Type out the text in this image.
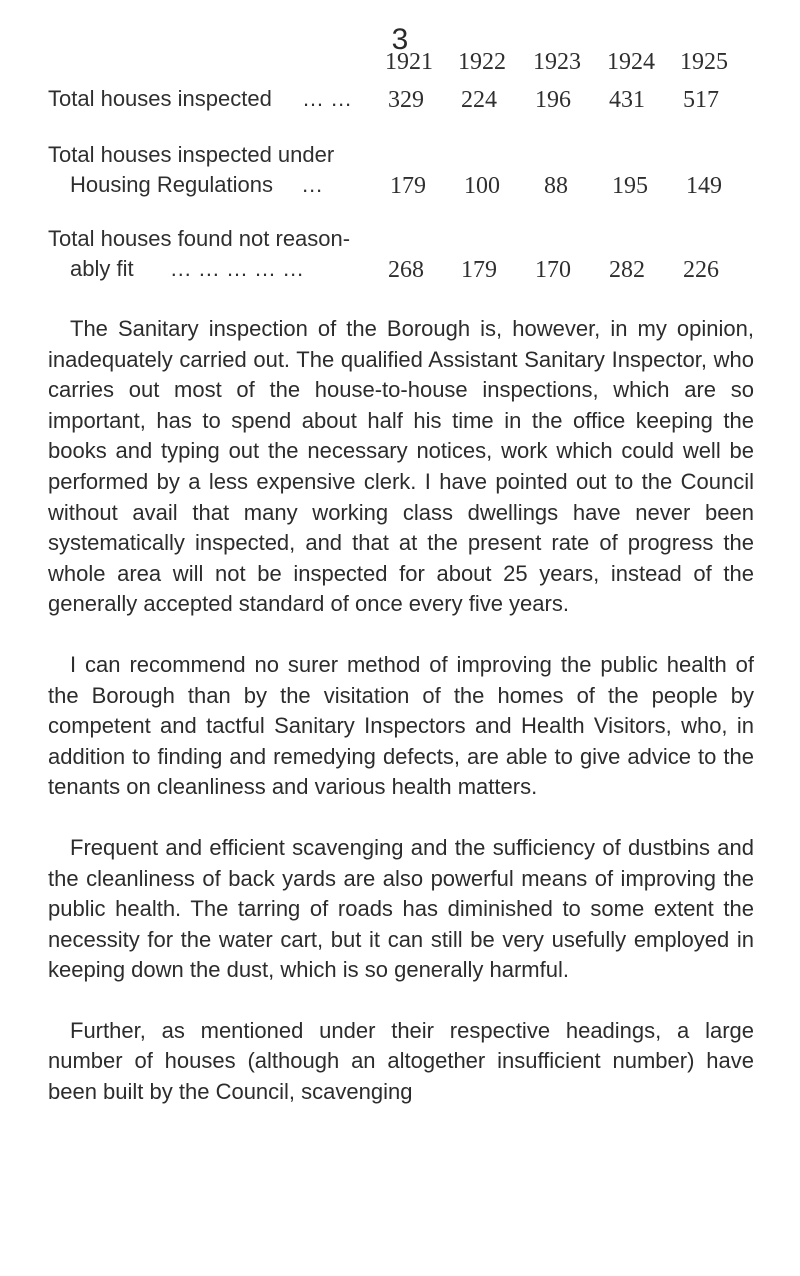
3
1921 1922 1923 1924 1925
Total houses inspected … … 329 224 196 431 517
Total houses inspected under
Housing Regulations …	179 100 88 195 149
Total houses found not reason-
ably fit … … … … …	268 179 170 282 226

The Sanitary inspection of the Borough is, however, in my opinion, inadequately carried out. The qualified Assistant Sanitary Inspector, who carries out most of the house-to-house inspections, which are so important, has to spend about half his time in the office keeping the books and typing out the necessary notices, work which could well be performed by a less expensive clerk. I have pointed out to the Council without avail that many working class dwellings have never been systematically inspected, and that at the present rate of progress the whole area will not be inspected for about 25 years, instead of the generally accepted standard of once every five years.

I can recommend no surer method of improving the public health of the Borough than by the visitation of the homes of the people by competent and tactful Sanitary Inspectors and Health Visitors, who, in addition to finding and remedying defects, are able to give advice to the tenants on cleanliness and various health matters.

Frequent and efficient scavenging and the sufficiency of dustbins and the cleanliness of back yards are also powerful means of improving the public health. The tarring of roads has diminished to some extent the necessity for the water cart, but it can still be very usefully employed in keeping down the dust, which is so generally harmful.

Further, as mentioned under their respective headings, a large number of houses (although an altogether insufficient number) have been built by the Council, scavenging
